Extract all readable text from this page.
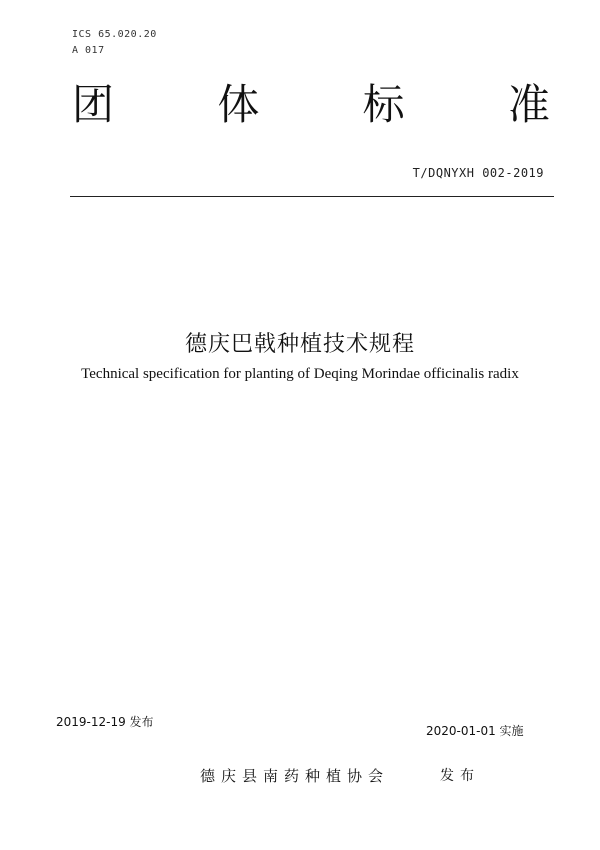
ICS 65.020.20
A 017
团 体 标 准
T/DQNYXH 002-2019
德庆巴戟种植技术规程
Technical specification for planting of Deqing Morindae officinalis radix
2019-12-19 发布
2020-01-01 实施
德庆县南药种植协会	发布
